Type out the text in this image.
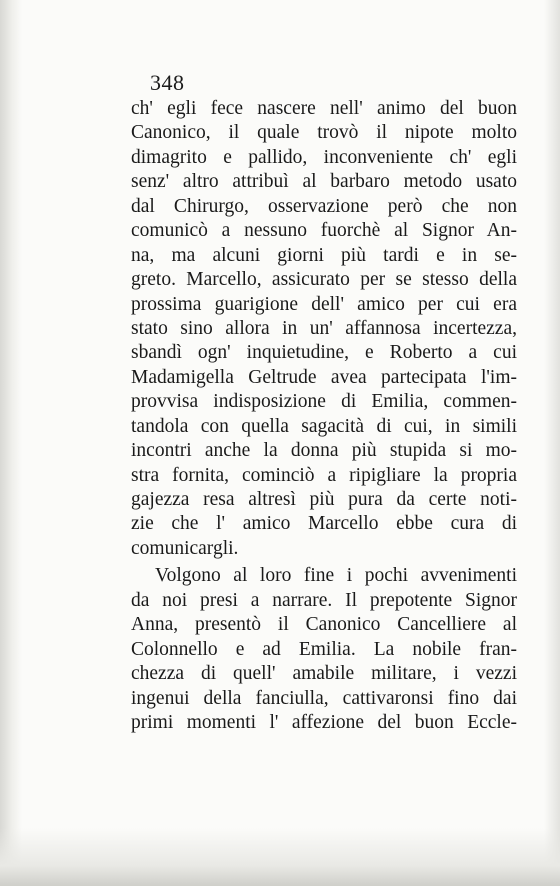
348
ch' egli fece nascere nell' animo del buon
Canonico, il quale trovò il nipote molto
dimagrito e pallido, inconveniente ch' egli
senz' altro attribuì al barbaro metodo usato
dal Chirurgo, osservazione però che non
comunicò a nessuno fuorchè al Signor An-
na, ma alcuni giorni più tardi e in se-
greto. Marcello, assicurato per se stesso della
prossima guarigione dell' amico per cui era
stato sino allora in un' affannosa incertezza,
sbandì ogn' inquietudine, e Roberto a cui
Madamigella Geltrude avea partecipata l'im-
provvisa indisposizione di Emilia, commen-
tandola con quella sagacità di cui, in simili
incontri anche la donna più stupida si mo-
stra fornita, cominciò a ripigliare la propria
gajezza resa altresì più pura da certe noti-
zie che l' amico Marcello ebbe cura di
comunicargli.
Volgono al loro fine i pochi avvenimenti
da noi presi a narrare. Il prepotente Signor
Anna, presentò il Canonico Cancelliere al
Colonnello e ad Emilia. La nobile fran-
chezza di quell' amabile militare, i vezzi
ingenui della fanciulla, cattivaronsi fino dai
primi momenti l' affezione del buon Eccle-
